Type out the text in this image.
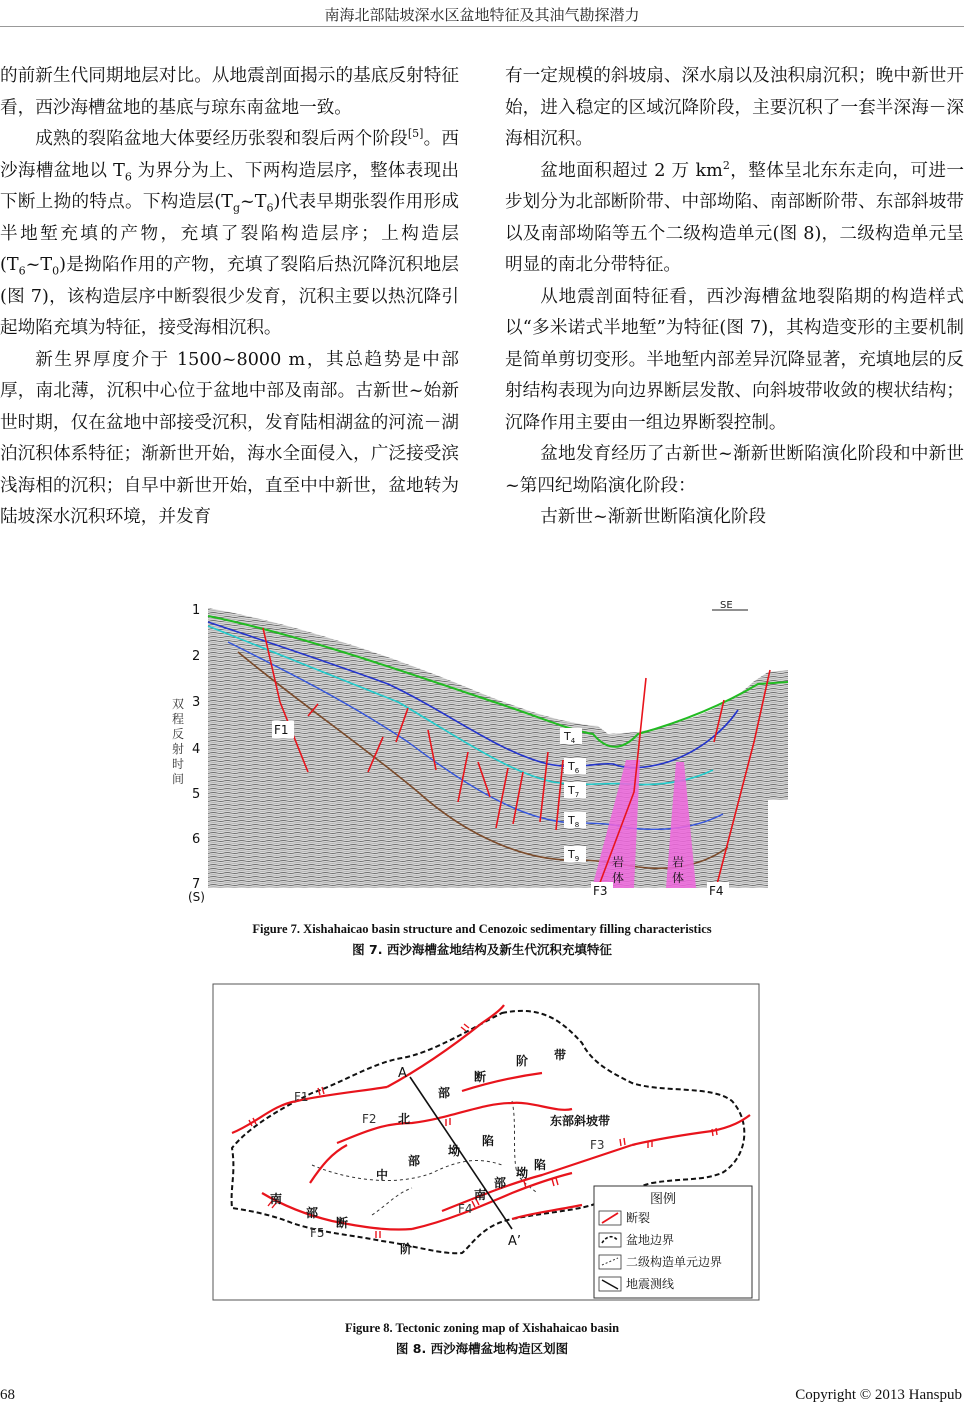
南海北部陆坡深水区盆地特征及其油气勘探潜力

的前新生代同期地层对比。从地震剖面揭示的基底反射特征看，西沙海槽盆地的基底与琼东南盆地一致。

成熟的裂陷盆地大体要经历张裂和裂后两个阶段[5]。西沙海槽盆地以 $T_6$ 为界分为上、下两构造层序，整体表现出下断上拗的特点。下构造层$(T_g\sim T_6)$代表早期张裂作用形成半地堑充填的产物，充填了裂陷构造层序；上构造层$(T_6\sim T_0)$是拗陷作用的产物，充填了裂陷后热沉降沉积地层(图 7)，该构造层序中断裂很少发育，沉积主要以热沉降引起坳陷充填为特征，接受海相沉积。

新生界厚度介于 1500~8000 m，其总趋势是中部厚，南北薄，沉积中心位于盆地中部及南部。古新世~始新世时期，仅在盆地中部接受沉积，发育陆相湖盆的河流－湖泊沉积体系特征；渐新世开始，海水全面侵入，广泛接受滨浅海相的沉积；自早中新世开始，直至中中新世，盆地转为陆坡深水沉积环境，并发育

有一定规模的斜坡扇、深水扇以及浊积扇沉积；晚中新世开始，进入稳定的区域沉降阶段，主要沉积了一套半深海－深海相沉积。

盆地面积超过 2 万 $km^2$，整体呈北东东走向，可进一步划分为北部断阶带、中部坳陷、南部断阶带、东部斜坡带以及南部坳陷等五个二级构造单元(图 8)，二级构造单元呈明显的南北分带特征。

从地震剖面特征看，西沙海槽盆地裂陷期的构造样式以“多米诺式半地堑”为特征(图 7)，其构造变形的主要机制是简单剪切变形。半地堑内部差异沉降显著，充填地层的反射结构表现为向边界断层发散、向斜坡带收敛的楔状结构；沉降作用主要由一组边界断裂控制。

盆地发育经历了古新世~渐新世断陷演化阶段和中新世~第四纪坳陷演化阶段：

古新世~渐新世断陷演化阶段

1
2
3
4
5
6
7
(S)
双
程
反
射
时
间
SE
$T_4$
$T_6$
$T_7$
$T_8$
$T_9$
F1
F3	F4
岩
体
岩
体
Figure 7. Xishahaicao basin structure and Cenozoic sedimentary filling characteristics
图 7. 西沙海槽盆地结构及新生代沉积充填特征
A
A’
F1
F2
F3
F4
F5
北
部
断
阶 带
中
部
坳
陷
东部斜坡带
南
部
坳
陷
南
部
断
阶
图例
断裂
盆地边界
二级构造单元边界
地震测线
Figure 8. Tectonic zoning map of Xishahaicao basin
图 8. 西沙海槽盆地构造区划图
68	Copyright © 2013 Hanspub
